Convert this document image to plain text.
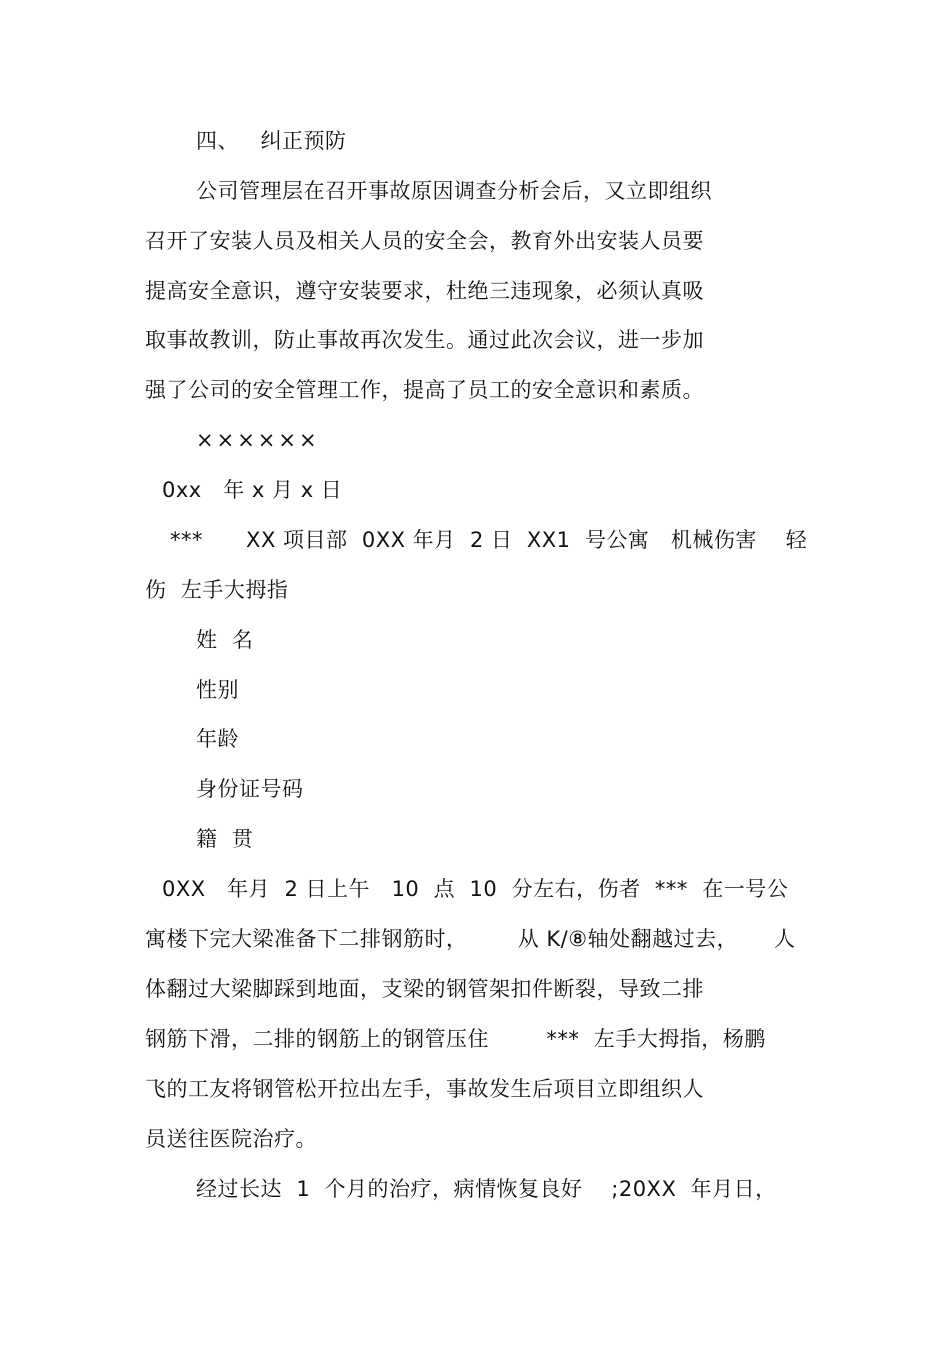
四、   纠正预防
公司管理层在召开事故原因调查分析会后，又立即组织
召开了安装人员及相关人员的安全会，教育外出安装人员要
提高安全意识，遵守安装要求，杜绝三违现象，必须认真吸
取事故教训，防止事故再次发生。通过此次会议，进一步加
强了公司的安全管理工作，提高了员工的安全意识和素质。
××××××
0xx   年 x 月 x 日
***      XX 项目部  0XX 年月  2 日  XX1  号公寓   机械伤害    轻
伤  左手大拇指
姓  名
性别
年龄
身份证号码
籍  贯
0XX   年月  2 日上午   10  点  10  分左右，伤者  ***  在一号公
寓楼下完大梁准备下二排钢筋时，       从 K/⑧轴处翻越过去，     人
体翻过大梁脚踩到地面，支梁的钢管架扣件断裂，导致二排
钢筋下滑，二排的钢筋上的钢管压住        ***  左手大拇指，杨鹏
飞的工友将钢管松开拉出左手，事故发生后项目立即组织人
员送往医院治疗。
经过长达  1  个月的治疗，病情恢复良好    ;20XX  年月日，
